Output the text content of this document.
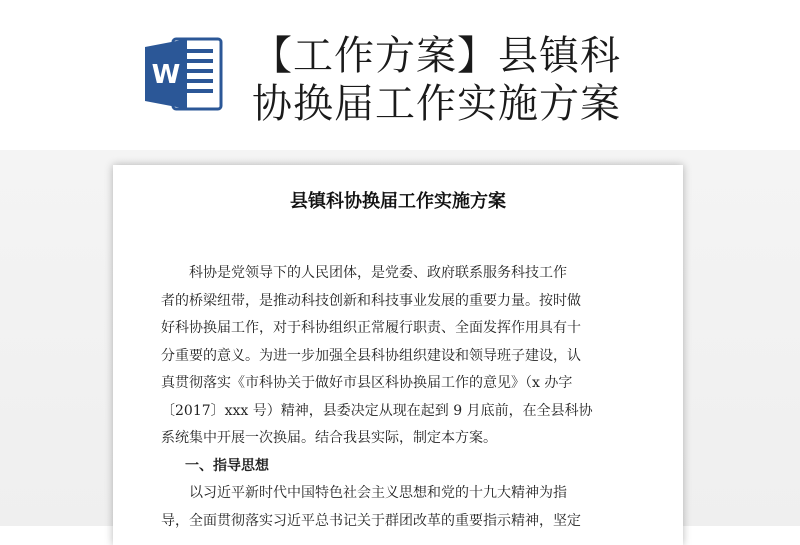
W 【工作方案】县镇科
协换届工作实施方案
县镇科协换届工作实施方案
科协是党领导下的人民团体，是党委、政府联系服务科技工作
者的桥梁纽带，是推动科技创新和科技事业发展的重要力量。按时做
好科协换届工作，对于科协组织正常履行职责、全面发挥作用具有十
分重要的意义。为进一步加强全县科协组织建设和领导班子建设，认
真贯彻落实《市科协关于做好市县区科协换届工作的意见》（x 办字
〔2017〕xxx 号）精神，县委决定从现在起到 9 月底前，在全县科协
系统集中开展一次换届。结合我县实际，制定本方案。
一、指导思想
以习近平新时代中国特色社会主义思想和党的十九大精神为指
导，全面贯彻落实习近平总书记关于群团改革的重要指示精神，坚定
